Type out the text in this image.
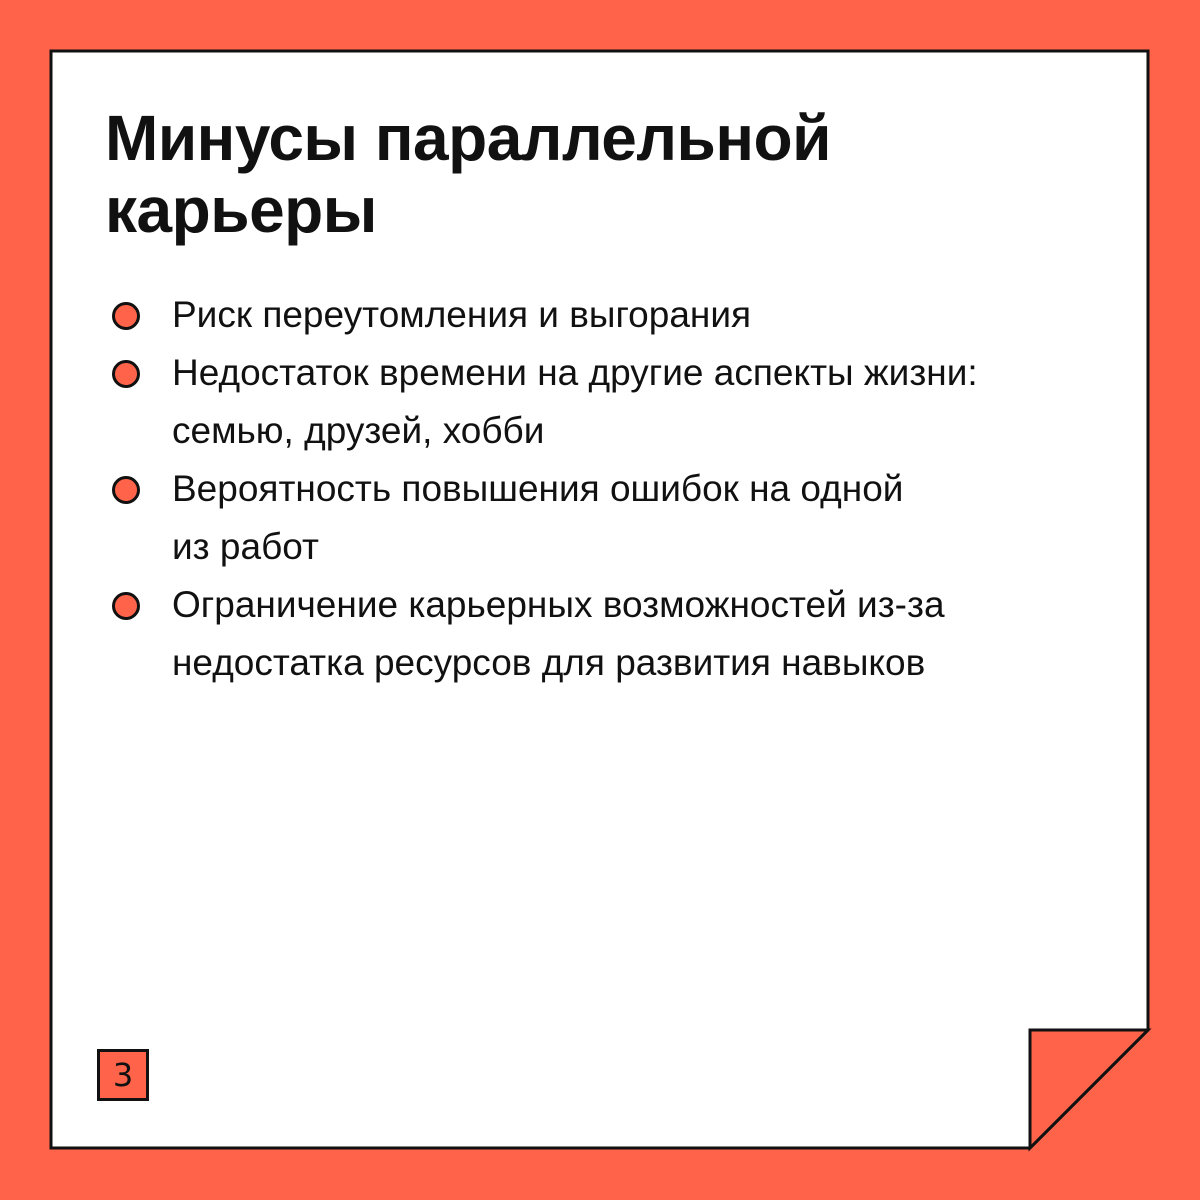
Минусы параллельной
карьеры
Риск переутомления и выгорания
Недостаток времени на другие аспекты жизни:
семью, друзей, хобби
Вероятность повышения ошибок на одной
из работ
Ограничение карьерных возможностей из-за
недостатка ресурсов для развития навыков
3
